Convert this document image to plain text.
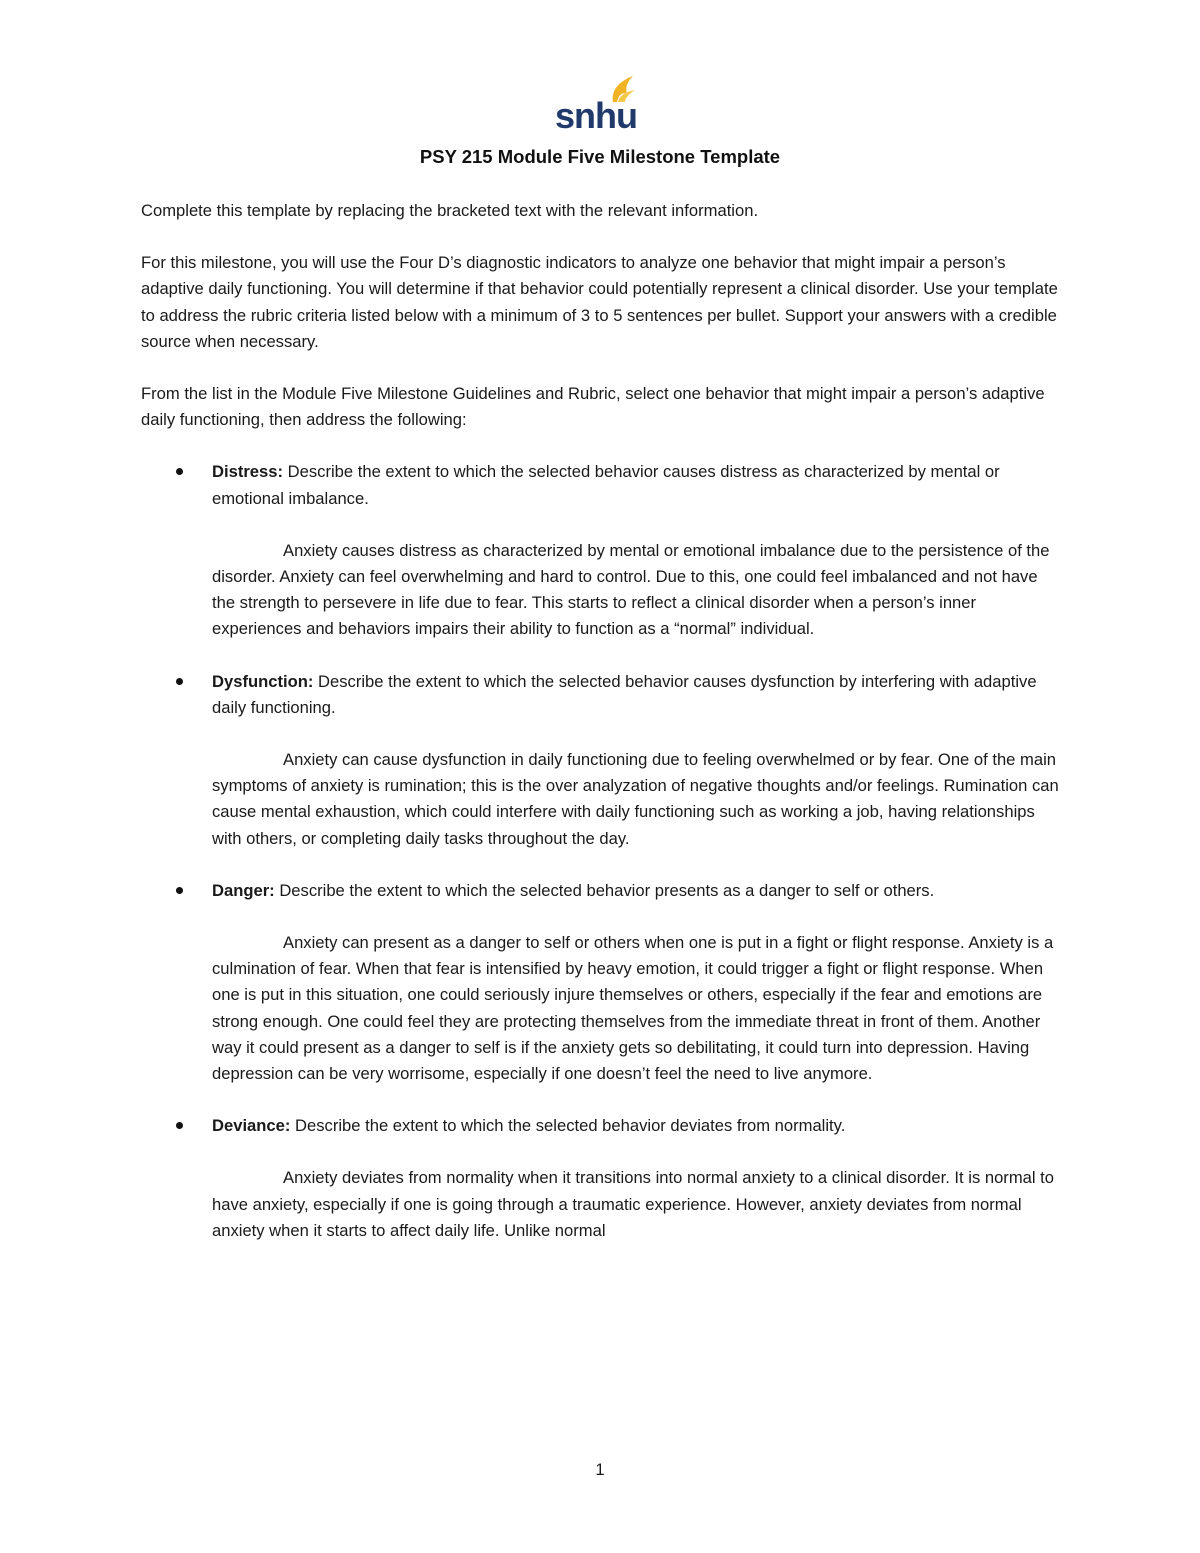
snhu
PSY 215 Module Five Milestone Template

Complete this template by replacing the bracketed text with the relevant information.

For this milestone, you will use the Four D’s diagnostic indicators to analyze one behavior that might impair a person’s adaptive daily functioning. You will determine if that behavior could potentially represent a clinical disorder. Use your template to address the rubric criteria listed below with a minimum of 3 to 5 sentences per bullet. Support your answers with a credible source when necessary.

From the list in the Module Five Milestone Guidelines and Rubric, select one behavior that might impair a person’s adaptive daily functioning, then address the following:

Distress: Describe the extent to which the selected behavior causes distress as characterized by mental or emotional imbalance.
Anxiety causes distress as characterized by mental or emotional imbalance due to the persistence of the disorder. Anxiety can feel overwhelming and hard to control. Due to this, one could feel imbalanced and not have the strength to persevere in life due to fear. This starts to reflect a clinical disorder when a person’s inner experiences and behaviors impairs their ability to function as a “normal” individual.
Dysfunction: Describe the extent to which the selected behavior causes dysfunction by interfering with adaptive daily functioning.
Anxiety can cause dysfunction in daily functioning due to feeling overwhelmed or by fear. One of the main symptoms of anxiety is rumination; this is the over analyzation of negative thoughts and/or feelings. Rumination can cause mental exhaustion, which could interfere with daily functioning such as working a job, having relationships with others, or completing daily tasks throughout the day.
Danger: Describe the extent to which the selected behavior presents as a danger to self or others.
Anxiety can present as a danger to self or others when one is put in a fight or flight response. Anxiety is a culmination of fear. When that fear is intensified by heavy emotion, it could trigger a fight or flight response. When one is put in this situation, one could seriously injure themselves or others, especially if the fear and emotions are strong enough. One could feel they are protecting themselves from the immediate threat in front of them. Another way it could present as a danger to self is if the anxiety gets so debilitating, it could turn into depression. Having depression can be very worrisome, especially if one doesn’t feel the need to live anymore.
Deviance: Describe the extent to which the selected behavior deviates from normality.
Anxiety deviates from normality when it transitions into normal anxiety to a clinical disorder. It is normal to have anxiety, especially if one is going through a traumatic experience. However, anxiety deviates from normal anxiety when it starts to affect daily life. Unlike normal
1
